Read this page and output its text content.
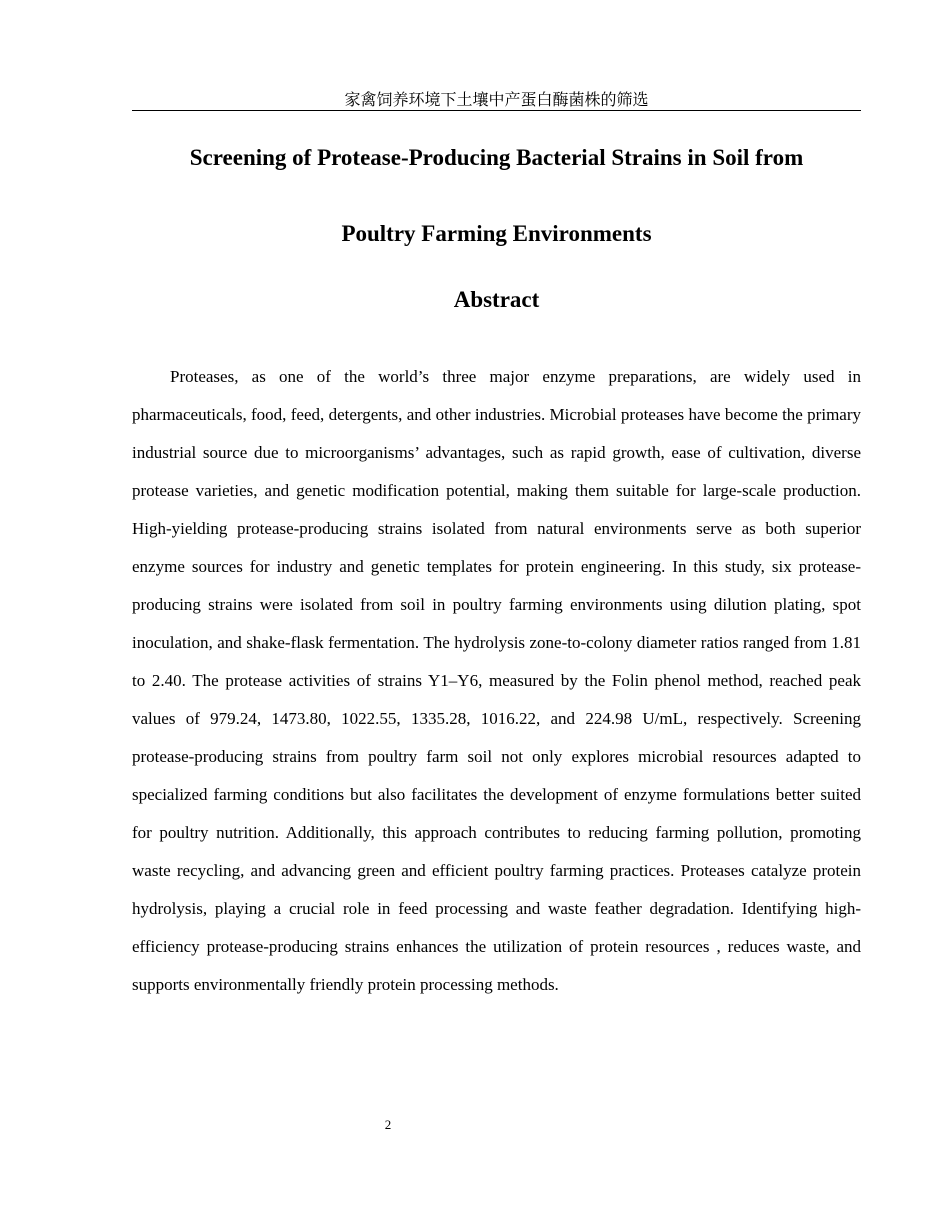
家禽饲养环境下土壤中产蛋白酶菌株的筛选

Screening of Protease-Producing Bacterial Strains in Soil from

Poultry Farming Environments

Abstract

Proteases, as one of the world’s three major enzyme preparations, are widely used in pharmaceuticals, food, feed, detergents, and other industries. Microbial proteases have become the primary industrial source due to microorganisms’ advantages, such as rapid growth, ease of cultivation, diverse protease varieties, and genetic modification potential, making them suitable for large-scale production. High-yielding protease-producing strains isolated from natural environments serve as both superior enzyme sources for industry and genetic templates for protein engineering. In this study, six protease-producing strains were isolated from soil in poultry farming environments using dilution plating, spot inoculation, and shake-flask fermentation. The hydrolysis zone-to-colony diameter ratios ranged from 1.81 to 2.40. The protease activities of strains Y1–Y6, measured by the Folin phenol method, reached peak values of 979.24, 1473.80, 1022.55, 1335.28, 1016.22, and 224.98 U/mL, respectively. Screening protease-producing strains from poultry farm soil not only explores microbial resources adapted to specialized farming conditions but also facilitates the development of enzyme formulations better suited for poultry nutrition. Additionally, this approach contributes to reducing farming pollution, promoting waste recycling, and advancing green and efficient poultry farming practices. Proteases catalyze protein hydrolysis, playing a crucial role in feed processing and waste feather degradation. Identifying high-efficiency protease-producing strains enhances the utilization of protein resources , reduces waste, and supports environmentally friendly protein processing methods.

2
